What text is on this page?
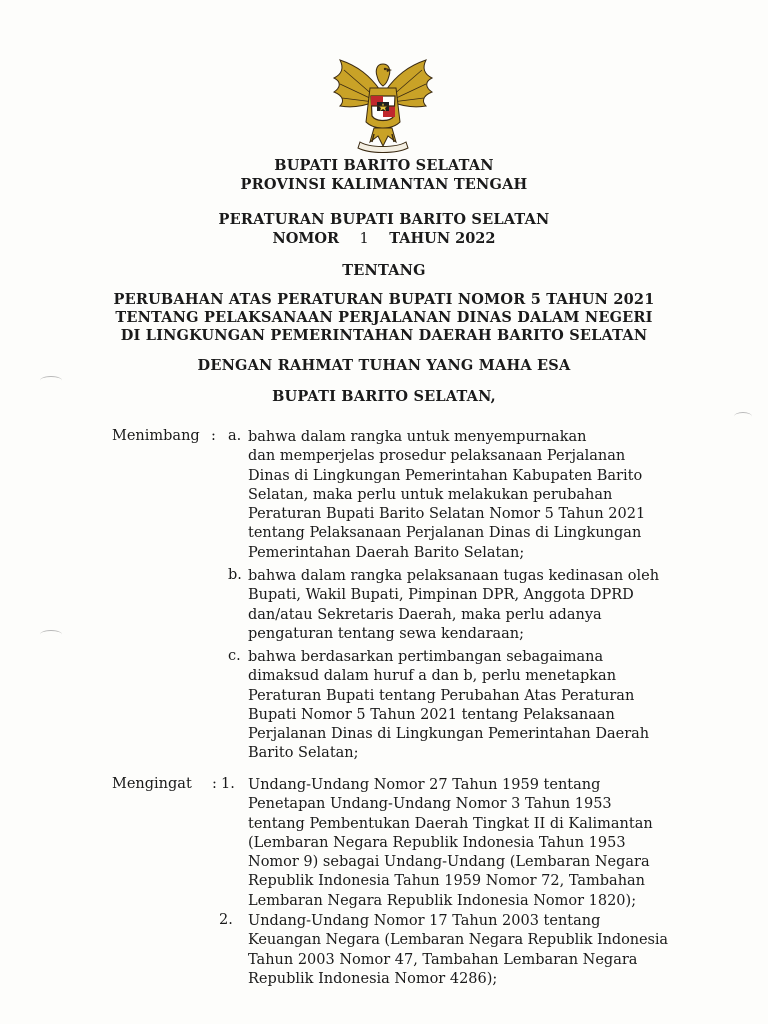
BUPATI BARITO SELATAN
PROVINSI KALIMANTAN TENGAH
PERATURAN BUPATI BARITO SELATAN
NOMOR 1 TAHUN 2022
TENTANG
PERUBAHAN ATAS PERATURAN BUPATI NOMOR 5 TAHUN 2021
TENTANG PELAKSANAAN PERJALANAN DINAS DALAM NEGERI
DI LINGKUNGAN PEMERINTAHAN DAERAH BARITO SELATAN
DENGAN RAHMAT TUHAN YANG MAHA ESA
BUPATI BARITO SELATAN,
Menimbang : a. bahwa dalam rangka untuk menyempurnakan
dan memperjelas prosedur pelaksanaan Perjalanan
Dinas di Lingkungan Pemerintahan Kabupaten Barito
Selatan, maka perlu untuk melakukan perubahan
Peraturan Bupati Barito Selatan Nomor 5 Tahun 2021
tentang Pelaksanaan Perjalanan Dinas di Lingkungan
Pemerintahan Daerah Barito Selatan;
b. bahwa dalam rangka pelaksanaan tugas kedinasan oleh
Bupati, Wakil Bupati, Pimpinan DPR, Anggota DPRD
dan/atau Sekretaris Daerah, maka perlu adanya
pengaturan tentang sewa kendaraan;
c. bahwa berdasarkan pertimbangan sebagaimana
dimaksud dalam huruf a dan b, perlu menetapkan
Peraturan Bupati tentang Perubahan Atas Peraturan
Bupati Nomor 5 Tahun 2021 tentang Pelaksanaan
Perjalanan Dinas di Lingkungan Pemerintahan Daerah
Barito Selatan;
Mengingat : 1. Undang-Undang Nomor 27 Tahun 1959 tentang
Penetapan Undang-Undang Nomor 3 Tahun 1953
tentang Pembentukan Daerah Tingkat II di Kalimantan
(Lembaran Negara Republik Indonesia Tahun 1953
Nomor 9) sebagai Undang-Undang (Lembaran Negara
Republik Indonesia Tahun 1959 Nomor 72, Tambahan
Lembaran Negara Republik Indonesia Nomor 1820);
2. Undang-Undang Nomor 17 Tahun 2003 tentang
Keuangan Negara (Lembaran Negara Republik Indonesia
Tahun 2003 Nomor 47, Tambahan Lembaran Negara
Republik Indonesia Nomor 4286);
